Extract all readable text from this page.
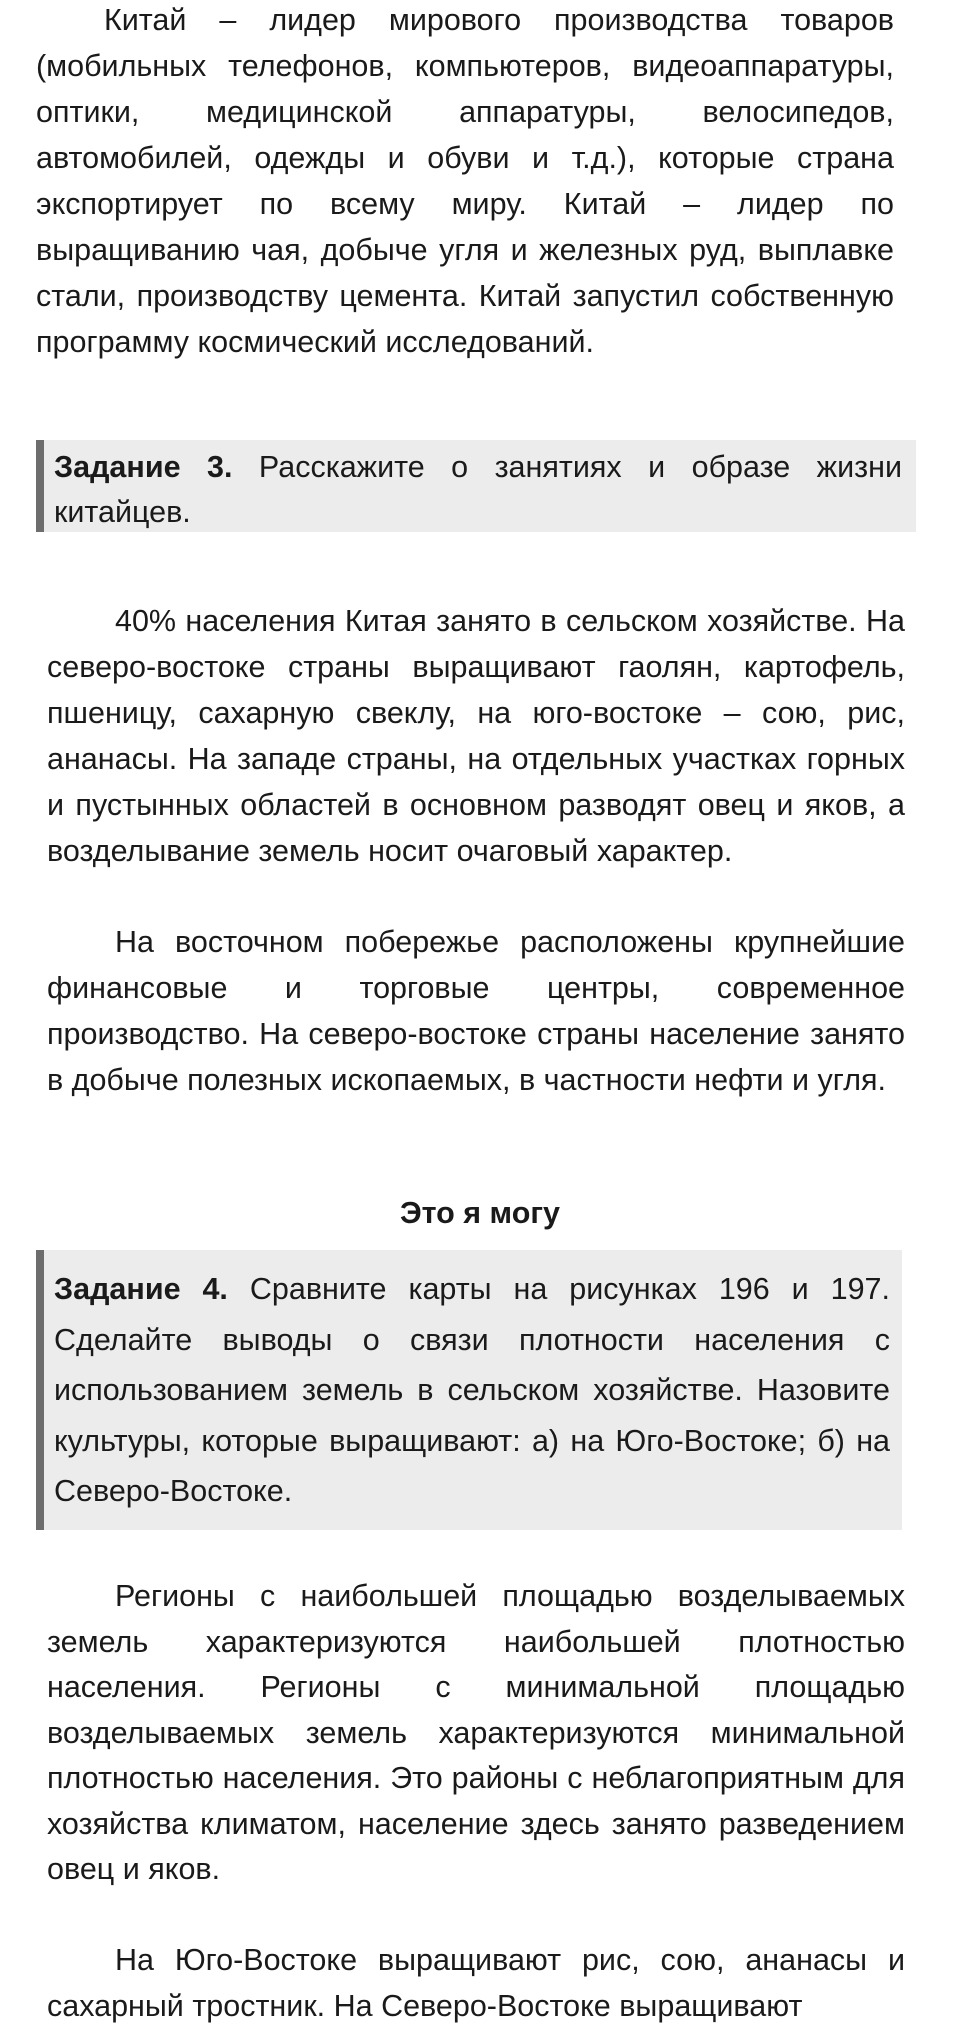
Китай – лидер мирового производства товаров (мобильных телефонов, компьютеров, видеоаппаратуры, оптики, медицинской аппаратуры, велосипедов, автомобилей, одежды и обуви и т.д.), которые страна экспортирует по всему миру. Китай – лидер по выращиванию чая, добыче угля и железных руд, выплавке стали, производству цемента. Китай запустил собственную программу космический исследований.

Задание 3. Расскажите о занятиях и образе жизни китайцев.

40% населения Китая занято в сельском хозяйстве. На северо-востоке страны выращивают гаолян, картофель, пшеницу, сахарную свеклу, на юго-востоке – сою, рис, ананасы. На западе страны, на отдельных участках горных и пустынных областей в основном разводят овец и яков, а возделывание земель носит очаговый характер.

На восточном побережье расположены крупнейшие финансовые и торговые центры, современное производство. На северо-востоке страны население занято в добыче полезных ископаемых, в частности нефти и угля.

Это я могу
Задание 4. Сравните карты на рисунках 196 и 197. Сделайте выводы о связи плотности населения с использованием земель в сельском хозяйстве. Назовите культуры, которые выращивают: а) на Юго-Востоке; б) на Северо-Востоке.

Регионы с наибольшей площадью возделываемых земель характеризуются наибольшей плотностью населения. Регионы с минимальной площадью возделываемых земель характеризуются минимальной плотностью населения. Это районы с неблагоприятным для хозяйства климатом, население здесь занято разведением овец и яков.

На Юго-Востоке выращивают рис, сою, ананасы и сахарный тростник. На Северо-Востоке выращивают
